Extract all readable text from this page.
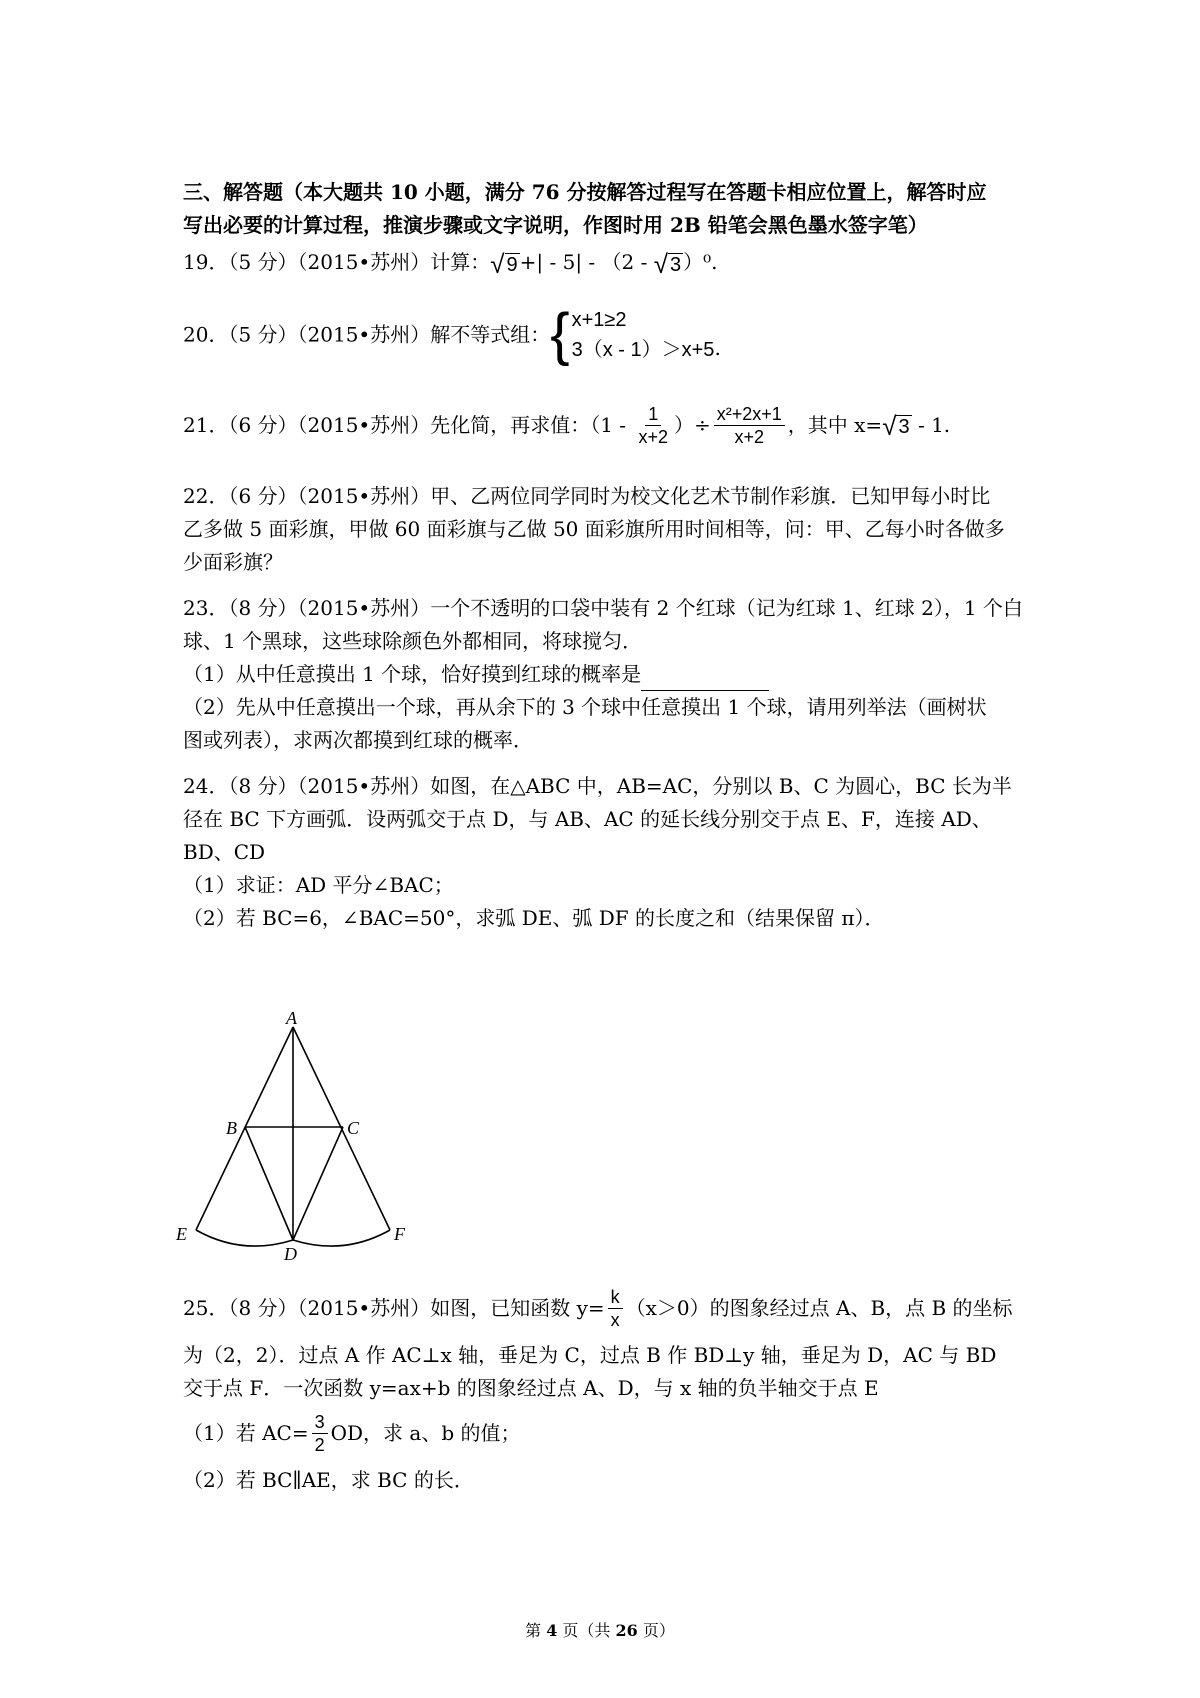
三、解答题（本大题共 10 小题，满分 76 分按解答过程写在答题卡相应位置上，解答时应
写出必要的计算过程，推演步骤或文字说明，作图时用 2B 铅笔会黑色墨水签字笔）
19．（5 分）（2015•苏州）计算： √ 9 +| - 5| - （2 - √ 3 ）⁰.
20．（5 分）（2015•苏州）解不等式组： { x+1≥2
3（x - 1）＞x+5 .
21．（6 分）（2015•苏州）先化简，再求值：（$1 - \frac{1}{x+2}$ ）÷ $\frac{\text{x²+2x+1}}{x+2}$ ，其中 x= √ 3 - 1.
22．（6 分）（2015•苏州）甲、乙两位同学同时为校文化艺术节制作彩旗．已知甲每小时比
乙多做 5 面彩旗，甲做 60 面彩旗与乙做 50 面彩旗所用时间相等，问：甲、乙每小时各做多
少面彩旗？
23．（8 分）（2015•苏州）一个不透明的口袋中装有 2 个红球（记为红球 1、红球 2），1 个白
球、1 个黑球，这些球除颜色外都相同，将球搅匀．
（1）从中任意摸出 1 个球，恰好摸到红球的概率是
（2）先从中任意摸出一个球，再从余下的 3 个球中任意摸出 1 个球，请用列举法（画树状
图或列表），求两次都摸到红球的概率．
24．（8 分）（2015•苏州）如图，在△ABC 中，AB=AC，分别以 B、C 为圆心，BC 长为半
径在 BC 下方画弧．设两弧交于点 D，与 AB、AC 的延长线分别交于点 E、F，连接 AD、
BD、CD
（1）求证：AD 平分∠BAC；
（2）若 BC=6，∠BAC=50°，求弧 DE、弧 DF 的长度之和（结果保留 π）．
A
B	C
D
E	F
25．（8 分）（2015•苏州）如图，已知函数 $y= \frac{k}{x} (x>0)$的图象经过点 A、B，点 B 的坐标
为（2，2）．过点 A 作 AC⊥x 轴，垂足为 C，过点 B 作 BD⊥y 轴，垂足为 D，AC 与 BD
交于点 F．一次函数 y=ax+b 的图象经过点 A、D，与 x 轴的负半轴交于点 E
（1）若 $AC= \frac{3}{2}$ OD，求 a、b 的值；
（2）若 BC∥AE，求 BC 的长．
第 4 页（共 26 页）
